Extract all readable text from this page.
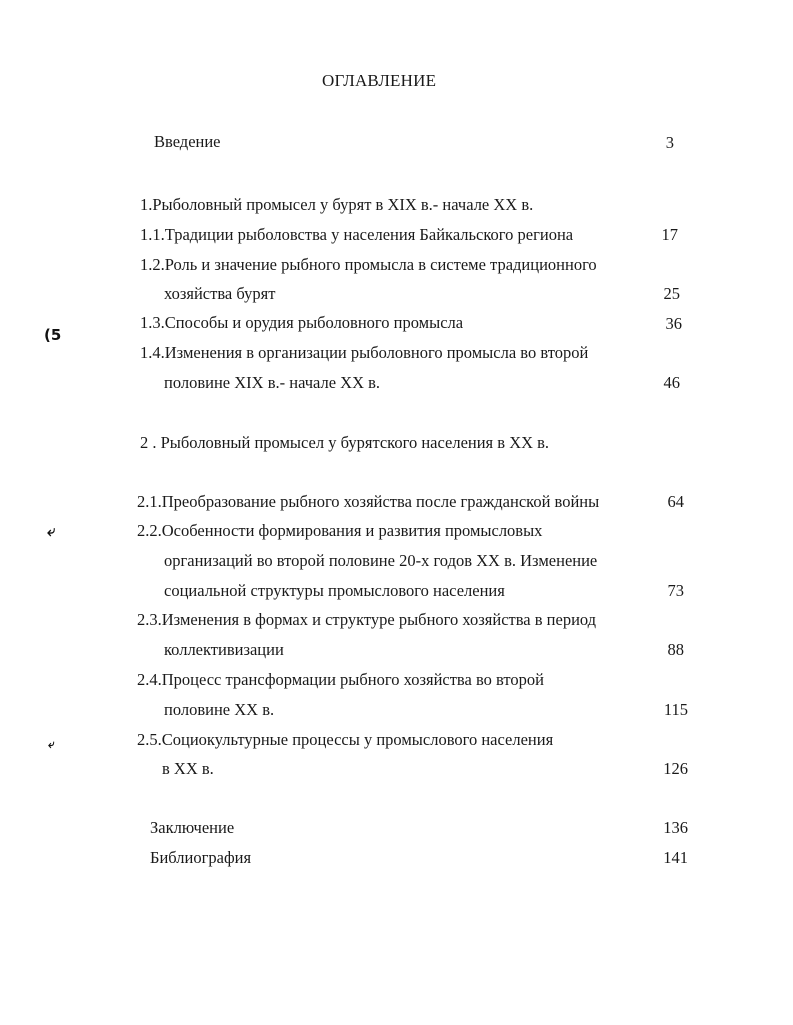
ОГЛАВЛЕНИЕ
Введение	3
1.Рыболовный промысел у бурят в XIX в.- начале XX в.
1.1.Традиции рыболовства у населения Байкальского региона	17
1.2.Роль и значение рыбного промысла в системе традиционного
хозяйства бурят	25
1.3.Способы и орудия рыболовного промысла	36
1.4.Изменения в организации рыболовного промысла во второй
половине XIX в.- начале XX в.	46
2 . Рыболовный промысел у бурятского населения в XX в.
2.1.Преобразование рыбного хозяйства после гражданской войны	64
2.2.Особенности формирования и развития промысловых
организаций во второй половине 20-х годов XX в. Изменение
социальной структуры промыслового населения	73
2.3.Изменения в формах и структуре рыбного хозяйства в период
коллективизации	88
2.4.Процесс трансформации рыбного хозяйства во второй
половине XX в.	115
2.5.Социокультурные процессы у промыслового населения
в XX в.	126
Заключение	136
Библиография	141
(5
⤶
⤶
